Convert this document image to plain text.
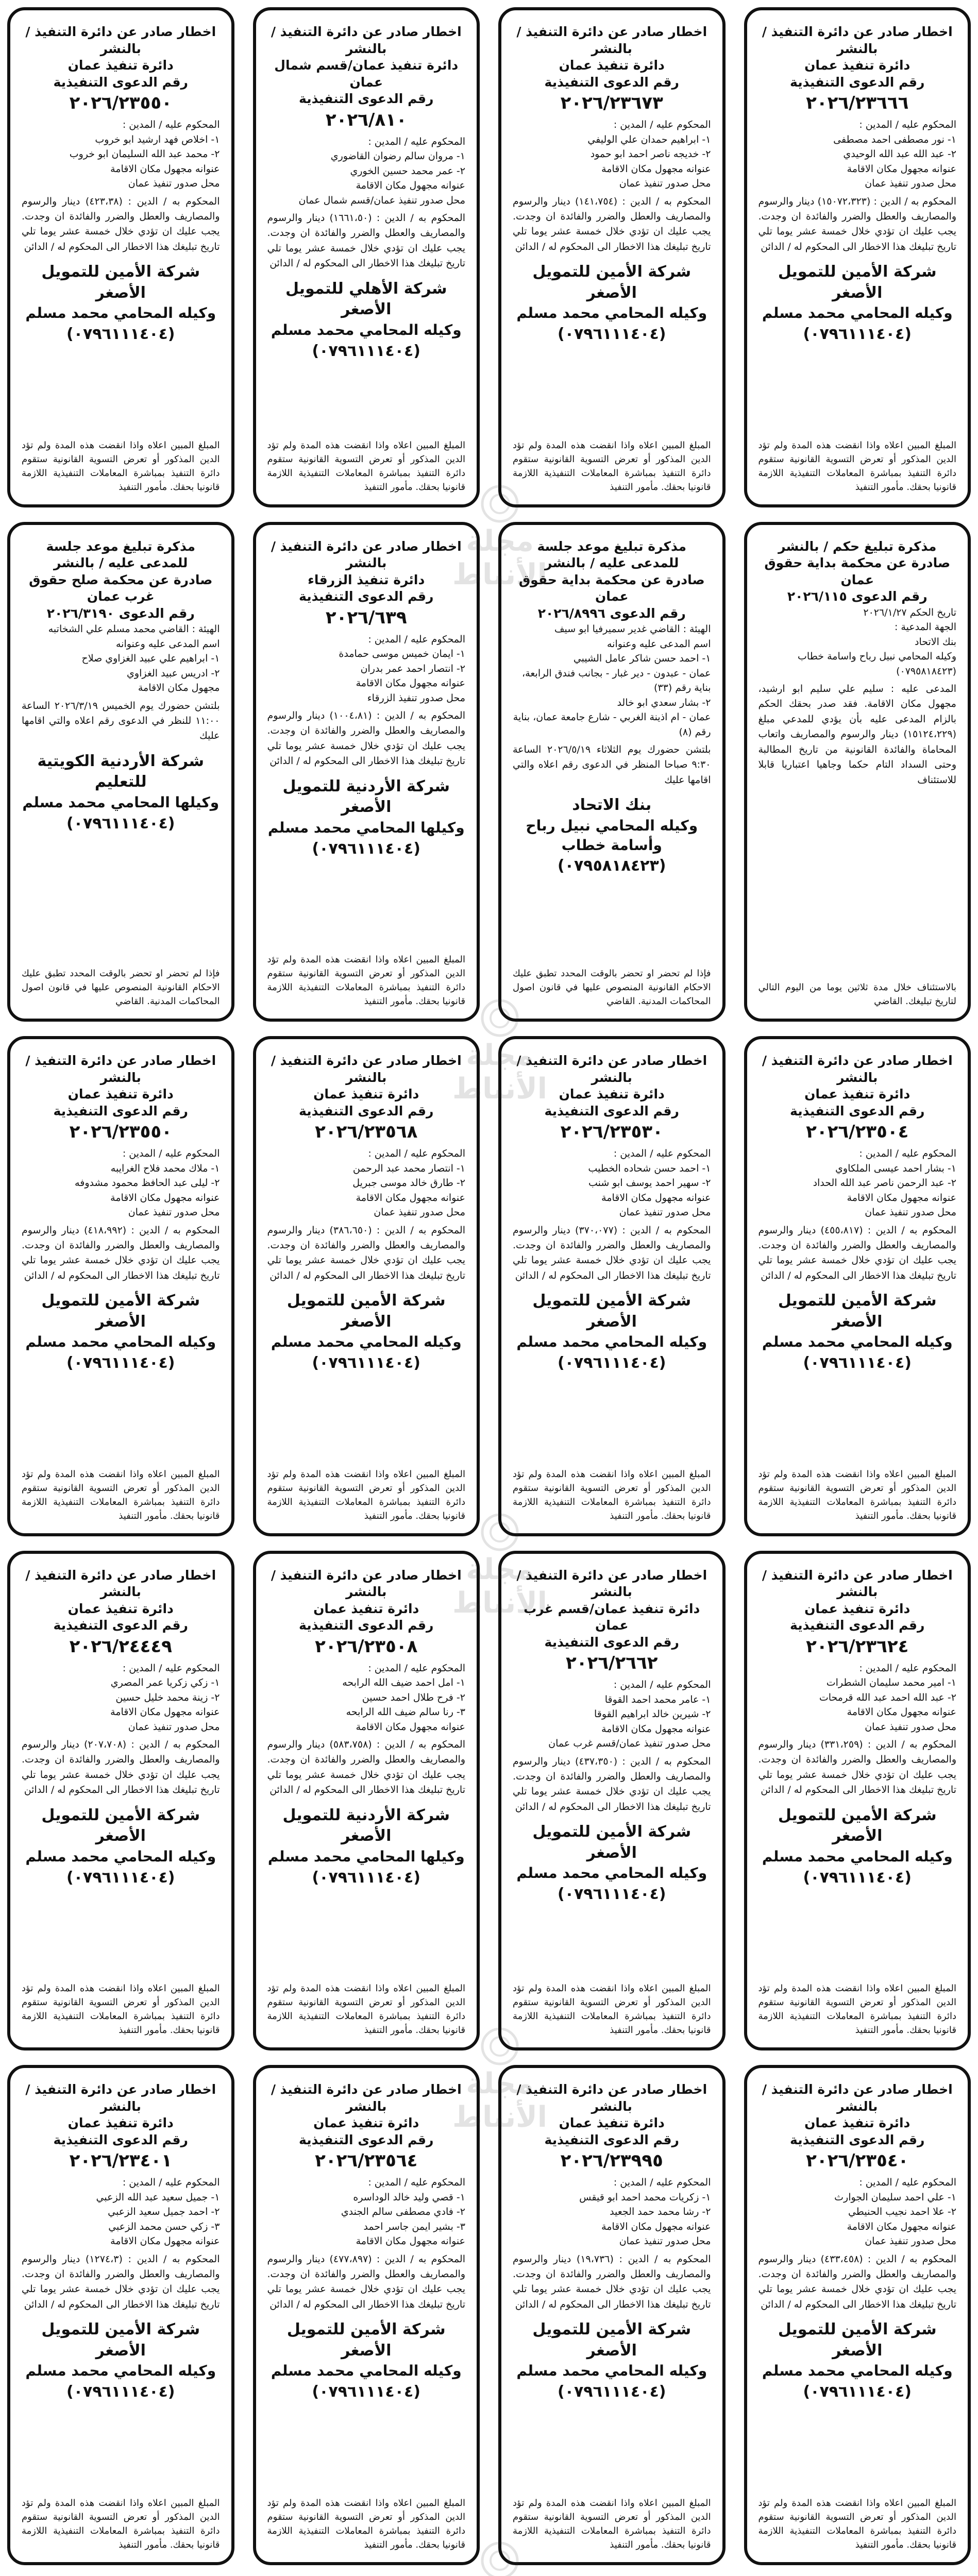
اخطار صادر عن دائرة التنفيذ / بالنشر
دائرة تنفيذ عمان
رقم الدعوى التنفيذية
٢٠٢٦/٢٣٦٦٦
المحكوم عليه / المدين :
١- نور مصطفى احمد مصطفى
٢- عبد الله عبد الله الوحيدي
عنوانه مجهول مكان الاقامة
محل صدور تنفيذ عمان
المحكوم به / الدين : (١٥٠٧٢،٣٢٣) دينار والرسوم والمصاريف والعطل والضرر والفائدة ان وجدت. يجب عليك ان تؤدي خلال خمسة عشر يوما تلي تاريخ تبليغك هذا الاخطار الى المحكوم له / الدائن
شركة الأمين للتمويل الأصغر
وكيله المحامي محمد مسلم
(٠٧٩٦١١١٤٠٤)
المبلغ المبين اعلاه واذا انقضت هذه المدة ولم تؤد الدين المذكور أو تعرض التسوية القانونية ستقوم دائرة التنفيذ بمباشرة المعاملات التنفيذية اللازمة قانونيا بحقك. مأمور التنفيذ
اخطار صادر عن دائرة التنفيذ / بالنشر
دائرة تنفيذ عمان
رقم الدعوى التنفيذية
٢٠٢٦/٢٣٦٧٣
المحكوم عليه / المدين :
١- ابراهيم حمدان علي الوليفي
٢- خديجه ناصر احمد ابو حمود
عنوانه مجهول مكان الاقامة
محل صدور تنفيذ عمان
المحكوم به / الدين : (١٤١،٧٥٤) دينار والرسوم والمصاريف والعطل والضرر والفائدة ان وجدت. يجب عليك ان تؤدي خلال خمسة عشر يوما تلي تاريخ تبليغك هذا الاخطار الى المحكوم له / الدائن
شركة الأمين للتمويل الأصغر
وكيله المحامي محمد مسلم
(٠٧٩٦١١١٤٠٤)
المبلغ المبين اعلاه واذا انقضت هذه المدة ولم تؤد الدين المذكور أو تعرض التسوية القانونية ستقوم دائرة التنفيذ بمباشرة المعاملات التنفيذية اللازمة قانونيا بحقك. مأمور التنفيذ
اخطار صادر عن دائرة التنفيذ / بالنشر
دائرة تنفيذ عمان/قسم شمال عمان
رقم الدعوى التنفيذية
٢٠٢٦/٨١٠
المحكوم عليه / المدين :
١- مروان سالم رضوان القاضوري
٢- عمر محمد حسين الخوري
عنوانه مجهول مكان الاقامة
محل صدور تنفيذ عمان/قسم شمال عمان
المحكوم به / الدين : (١٦٦١،٥٠) دينار والرسوم والمصاريف والعطل والضرر والفائدة ان وجدت. يجب عليك ان تؤدي خلال خمسة عشر يوما تلي تاريخ تبليغك هذا الاخطار الى المحكوم له / الدائن
شركة الأهلي للتمويل الأصغر
وكيله المحامي محمد مسلم
(٠٧٩٦١١١٤٠٤)
المبلغ المبين اعلاه واذا انقضت هذه المدة ولم تؤد الدين المذكور أو تعرض التسوية القانونية ستقوم دائرة التنفيذ بمباشرة المعاملات التنفيذية اللازمة قانونيا بحقك. مأمور التنفيذ
اخطار صادر عن دائرة التنفيذ / بالنشر
دائرة تنفيذ عمان
رقم الدعوى التنفيذية
٢٠٢٦/٢٣٥٥٠
المحكوم عليه / المدين :
١- اخلاص فهد ارشيد ابو خروب
٢- محمد عبد الله السليمان ابو خروب
عنوانه مجهول مكان الاقامة
محل صدور تنفيذ عمان
المحكوم به / الدين : (٤٢٣،٣٨) دينار والرسوم والمصاريف والعطل والضرر والفائدة ان وجدت. يجب عليك ان تؤدي خلال خمسة عشر يوما تلي تاريخ تبليغك هذا الاخطار الى المحكوم له / الدائن
شركة الأمين للتمويل الأصغر
وكيله المحامي محمد مسلم
(٠٧٩٦١١١٤٠٤)
المبلغ المبين اعلاه واذا انقضت هذه المدة ولم تؤد الدين المذكور أو تعرض التسوية القانونية ستقوم دائرة التنفيذ بمباشرة المعاملات التنفيذية اللازمة قانونيا بحقك. مأمور التنفيذ
مذكرة تبليغ حكم / بالنشر
صادرة عن محكمة بداية حقوق عمان
رقم الدعوى ٢٠٢٦/١١٥
تاريخ الحكم ٢٠٢٦/١/٢٧
الجهة المدعية :
بنك الاتحاد
وكيله المحامي نبيل رباح واسامة خطاب
(٠٧٩٥٨١٨٤٢٣)
المدعى عليه : سليم علي سليم ابو ارشيد، مجهول مكان الاقامة. فقد صدر بحقك الحكم بالزام المدعى عليه بأن يؤدي للمدعي مبلغ (١٥١٢٤،٢٢٩) دينار والرسوم والمصاريف واتعاب المحاماة والفائدة القانونية من تاريخ المطالبة وحتى السداد التام حكما وجاهيا اعتباريا قابلا للاستئناف
بالاستئناف خلال مدة ثلاثين يوما من اليوم التالي لتاريخ تبليغك. القاضي
مذكرة تبليغ موعد جلسة للمدعى عليه / بالنشر
صادرة عن محكمة بداية حقوق عمان
رقم الدعوى ٢٠٢٦/٨٩٩٦
الهيئة : القاضي غدير سميرفيا ابو سيف
اسم المدعى عليه وعنوانه
١- احمد حسن شاكر عامل الشيبي
عمان - عبدون - دير غبار - بجانب فندق الرابعة، بناية رقم (٣٣)
٢- بشار سعدي ابو خالد
عمان - ام اذينة الغربي - شارع جامعة عمان، بناية رقم (٨)
بلتشن حضورك يوم الثلاثاء ٢٠٢٦/٥/١٩ الساعة ٩:٣٠ صباحا المنظر في الدعوى رقم اعلاه والتي اقامها عليك
بنك الاتحاد
وكيله المحامي نبيل رباح وأسامة خطاب
(٠٧٩٥٨١٨٤٢٣)
فإذا لم تحضر او تحضر بالوقت المحدد تطبق عليك الاحكام القانونية المنصوص عليها في قانون اصول المحاكمات المدنية. القاضي
اخطار صادر عن دائرة التنفيذ / بالنشر
دائرة تنفيذ الزرقاء
رقم الدعوى التنفيذية
٢٠٢٦/٦٣٩
المحكوم عليه / المدين :
١- ايمان خميس موسى حمامدة
٢- انتصار احمد عمر بدران
عنوانه مجهول مكان الاقامة
محل صدور تنفيذ الزرقاء
المحكوم به / الدين : (١٠٠٤،٨١) دينار والرسوم والمصاريف والعطل والضرر والفائدة ان وجدت. يجب عليك ان تؤدي خلال خمسة عشر يوما تلي تاريخ تبليغك هذا الاخطار الى المحكوم له / الدائن
شركة الأردنية للتمويل الأصغر
وكيلها المحامي محمد مسلم
(٠٧٩٦١١١٤٠٤)
المبلغ المبين اعلاه واذا انقضت هذه المدة ولم تؤد الدين المذكور أو تعرض التسوية القانونية ستقوم دائرة التنفيذ بمباشرة المعاملات التنفيذية اللازمة قانونيا بحقك. مأمور التنفيذ
مذكرة تبليغ موعد جلسة للمدعى عليه / بالنشر
صادرة عن محكمة صلح حقوق غرب عمان
رقم الدعوى ٢٠٢٦/٣١٩٠
الهيئة : القاضي محمد مسلم علي الشخاتبه
اسم المدعى عليه وعنوانه
١- ابراهيم علي عبيد الغزاوي صلاح
٢- ادريس عبيد الغزاوي
مجهول مكان الاقامة
بلتشن حضورك يوم الخميس ٢٠٢٦/٣/١٩ الساعة ١١:٠٠ للنظر في الدعوى رقم اعلاه والتي اقامها عليك
شركة الأردنية الكويتية للتعليم
وكيلها المحامي محمد مسلم
(٠٧٩٦١١١٤٠٤)
فإذا لم تحضر او تحضر بالوقت المحدد تطبق عليك الاحكام القانونية المنصوص عليها في قانون اصول المحاكمات المدنية. القاضي
اخطار صادر عن دائرة التنفيذ / بالنشر
دائرة تنفيذ عمان
رقم الدعوى التنفيذية
٢٠٢٦/٢٣٥٠٤
المحكوم عليه / المدين :
١- بشار احمد عيسى الملكاوي
٢- عبد الرحمن ناصر عبد الله الحداد
عنوانه مجهول مكان الاقامة
محل صدور تنفيذ عمان
المحكوم به / الدين : (٤٥٥،٨١٧) دينار والرسوم والمصاريف والعطل والضرر والفائدة ان وجدت. يجب عليك ان تؤدي خلال خمسة عشر يوما تلي تاريخ تبليغك هذا الاخطار الى المحكوم له / الدائن
شركة الأمين للتمويل الأصغر
وكيله المحامي محمد مسلم
(٠٧٩٦١١١٤٠٤)
المبلغ المبين اعلاه واذا انقضت هذه المدة ولم تؤد الدين المذكور أو تعرض التسوية القانونية ستقوم دائرة التنفيذ بمباشرة المعاملات التنفيذية اللازمة قانونيا بحقك. مأمور التنفيذ
اخطار صادر عن دائرة التنفيذ / بالنشر
دائرة تنفيذ عمان
رقم الدعوى التنفيذية
٢٠٢٦/٢٣٥٣٠
المحكوم عليه / المدين :
١- احمد حسن شحاده الخطيب
٢- سهير احمد يوسف ابو شنب
عنوانه مجهول مكان الاقامة
محل صدور تنفيذ عمان
المحكوم به / الدين : (٣٧٠،٠٧٧) دينار والرسوم والمصاريف والعطل والضرر والفائدة ان وجدت. يجب عليك ان تؤدي خلال خمسة عشر يوما تلي تاريخ تبليغك هذا الاخطار الى المحكوم له / الدائن
شركة الأمين للتمويل الأصغر
وكيله المحامي محمد مسلم
(٠٧٩٦١١١٤٠٤)
المبلغ المبين اعلاه واذا انقضت هذه المدة ولم تؤد الدين المذكور أو تعرض التسوية القانونية ستقوم دائرة التنفيذ بمباشرة المعاملات التنفيذية اللازمة قانونيا بحقك. مأمور التنفيذ
اخطار صادر عن دائرة التنفيذ / بالنشر
دائرة تنفيذ عمان
رقم الدعوى التنفيذية
٢٠٢٦/٢٣٥٦٨
المحكوم عليه / المدين :
١- انتصار محمد عبد الرحمن
٢- طارق خالد موسى جبريل
عنوانه مجهول مكان الاقامة
محل صدور تنفيذ عمان
المحكوم به / الدين : (٣٨٦،٦٥٠) دينار والرسوم والمصاريف والعطل والضرر والفائدة ان وجدت. يجب عليك ان تؤدي خلال خمسة عشر يوما تلي تاريخ تبليغك هذا الاخطار الى المحكوم له / الدائن
شركة الأمين للتمويل الأصغر
وكيله المحامي محمد مسلم
(٠٧٩٦١١١٤٠٤)
المبلغ المبين اعلاه واذا انقضت هذه المدة ولم تؤد الدين المذكور أو تعرض التسوية القانونية ستقوم دائرة التنفيذ بمباشرة المعاملات التنفيذية اللازمة قانونيا بحقك. مأمور التنفيذ
اخطار صادر عن دائرة التنفيذ / بالنشر
دائرة تنفيذ عمان
رقم الدعوى التنفيذية
٢٠٢٦/٢٣٥٥٠
المحكوم عليه / المدين :
١- ملاك محمد فلاح الغرايبه
٢- ليلى عبد الحافظ محمود مشدوفه
عنوانه مجهول مكان الاقامة
محل صدور تنفيذ عمان
المحكوم به / الدين : (٤١٨،٩٩٢) دينار والرسوم والمصاريف والعطل والضرر والفائدة ان وجدت. يجب عليك ان تؤدي خلال خمسة عشر يوما تلي تاريخ تبليغك هذا الاخطار الى المحكوم له / الدائن
شركة الأمين للتمويل الأصغر
وكيله المحامي محمد مسلم
(٠٧٩٦١١١٤٠٤)
المبلغ المبين اعلاه واذا انقضت هذه المدة ولم تؤد الدين المذكور أو تعرض التسوية القانونية ستقوم دائرة التنفيذ بمباشرة المعاملات التنفيذية اللازمة قانونيا بحقك. مأمور التنفيذ
اخطار صادر عن دائرة التنفيذ / بالنشر
دائرة تنفيذ عمان
رقم الدعوى التنفيذية
٢٠٢٦/٢٣٦٢٤
المحكوم عليه / المدين :
١- امير محمد سليمان الشطرات
٢- عبد الله احمد عبد الله قرمحات
عنوانه مجهول مكان الاقامة
محل صدور تنفيذ عمان
المحكوم به / الدين : (٣٣١،٢٥٩) دينار والرسوم والمصاريف والعطل والضرر والفائدة ان وجدت. يجب عليك ان تؤدي خلال خمسة عشر يوما تلي تاريخ تبليغك هذا الاخطار الى المحكوم له / الدائن
شركة الأمين للتمويل الأصغر
وكيله المحامي محمد مسلم
(٠٧٩٦١١١٤٠٤)
المبلغ المبين اعلاه واذا انقضت هذه المدة ولم تؤد الدين المذكور أو تعرض التسوية القانونية ستقوم دائرة التنفيذ بمباشرة المعاملات التنفيذية اللازمة قانونيا بحقك. مأمور التنفيذ
اخطار صادر عن دائرة التنفيذ / بالنشر
دائرة تنفيذ عمان/قسم غرب عمان
رقم الدعوى التنفيذية
٢٠٢٦/٢٦٦٢
المحكوم عليه / المدين :
١- عامر محمد احمد القوقا
٢- شيرين خالد ابراهيم القوقا
عنوانه مجهول مكان الاقامة
محل صدور تنفيذ عمان/قسم غرب عمان
المحكوم به / الدين : (٤٣٧،٣٥٠) دينار والرسوم والمصاريف والعطل والضرر والفائدة ان وجدت. يجب عليك ان تؤدي خلال خمسة عشر يوما تلي تاريخ تبليغك هذا الاخطار الى المحكوم له / الدائن
شركة الأمين للتمويل الأصغر
وكيله المحامي محمد مسلم
(٠٧٩٦١١١٤٠٤)
المبلغ المبين اعلاه واذا انقضت هذه المدة ولم تؤد الدين المذكور أو تعرض التسوية القانونية ستقوم دائرة التنفيذ بمباشرة المعاملات التنفيذية اللازمة قانونيا بحقك. مأمور التنفيذ
اخطار صادر عن دائرة التنفيذ / بالنشر
دائرة تنفيذ عمان
رقم الدعوى التنفيذية
٢٠٢٦/٢٣٥٠٨
المحكوم عليه / المدين :
١- امل احمد ضيف الله الرابحه
٢- فرح طلال احمد حسين
٣- رنا سالم ضيف الله الرابحه
عنوانه مجهول مكان الاقامة
المحكوم به / الدين : (٥٨٣،٧٥٨) دينار والرسوم والمصاريف والعطل والضرر والفائدة ان وجدت. يجب عليك ان تؤدي خلال خمسة عشر يوما تلي تاريخ تبليغك هذا الاخطار الى المحكوم له / الدائن
شركة الأردنية للتمويل الأصغر
وكيلها المحامي محمد مسلم
(٠٧٩٦١١١٤٠٤)
المبلغ المبين اعلاه واذا انقضت هذه المدة ولم تؤد الدين المذكور أو تعرض التسوية القانونية ستقوم دائرة التنفيذ بمباشرة المعاملات التنفيذية اللازمة قانونيا بحقك. مأمور التنفيذ
اخطار صادر عن دائرة التنفيذ / بالنشر
دائرة تنفيذ عمان
رقم الدعوى التنفيذية
٢٠٢٦/٢٤٤٤٩
المحكوم عليه / المدين :
١- زكي زكريا عمر المصري
٢- زينة محمد خليل حسين
عنوانه مجهول مكان الاقامة
محل صدور تنفيذ عمان
المحكوم به / الدين : (٢٠٧،٧٠٨) دينار والرسوم والمصاريف والعطل والضرر والفائدة ان وجدت. يجب عليك ان تؤدي خلال خمسة عشر يوما تلي تاريخ تبليغك هذا الاخطار الى المحكوم له / الدائن
شركة الأمين للتمويل الأصغر
وكيله المحامي محمد مسلم
(٠٧٩٦١١١٤٠٤)
المبلغ المبين اعلاه واذا انقضت هذه المدة ولم تؤد الدين المذكور أو تعرض التسوية القانونية ستقوم دائرة التنفيذ بمباشرة المعاملات التنفيذية اللازمة قانونيا بحقك. مأمور التنفيذ
اخطار صادر عن دائرة التنفيذ / بالنشر
دائرة تنفيذ عمان
رقم الدعوى التنفيذية
٢٠٢٦/٢٣٥٤٠
المحكوم عليه / المدين :
١- علي احمد سليمان الجوارث
٢- علا احمد نجيب الحنيطي
عنوانه مجهول مكان الاقامة
محل صدور تنفيذ عمان
المحكوم به / الدين : (٤٣٣،٤٥٨) دينار والرسوم والمصاريف والعطل والضرر والفائدة ان وجدت. يجب عليك ان تؤدي خلال خمسة عشر يوما تلي تاريخ تبليغك هذا الاخطار الى المحكوم له / الدائن
شركة الأمين للتمويل الأصغر
وكيله المحامي محمد مسلم
(٠٧٩٦١١١٤٠٤)
المبلغ المبين اعلاه واذا انقضت هذه المدة ولم تؤد الدين المذكور أو تعرض التسوية القانونية ستقوم دائرة التنفيذ بمباشرة المعاملات التنفيذية اللازمة قانونيا بحقك. مأمور التنفيذ
اخطار صادر عن دائرة التنفيذ / بالنشر
دائرة تنفيذ عمان
رقم الدعوى التنفيذية
٢٠٢٦/٢٣٩٩٥
المحكوم عليه / المدين :
١- زكريات محمد احمد ابو قيقس
٢- رشا محمد حمد الجعيد
عنوانه مجهول مكان الاقامة
محل صدور تنفيذ عمان
المحكوم به / الدين : (١٩،٧٣٦) دينار والرسوم والمصاريف والعطل والضرر والفائدة ان وجدت. يجب عليك ان تؤدي خلال خمسة عشر يوما تلي تاريخ تبليغك هذا الاخطار الى المحكوم له / الدائن
شركة الأمين للتمويل الأصغر
وكيله المحامي محمد مسلم
(٠٧٩٦١١١٤٠٤)
المبلغ المبين اعلاه واذا انقضت هذه المدة ولم تؤد الدين المذكور أو تعرض التسوية القانونية ستقوم دائرة التنفيذ بمباشرة المعاملات التنفيذية اللازمة قانونيا بحقك. مأمور التنفيذ
اخطار صادر عن دائرة التنفيذ / بالنشر
دائرة تنفيذ عمان
رقم الدعوى التنفيذية
٢٠٢٦/٢٣٥٦٤
المحكوم عليه / المدين :
١- قصي وليد خالد الوداسره
٢- فادي مصطفى سالم الجندي
٣- بشير ايمن جاسر احمد
عنوانه مجهول مكان الاقامة
المحكوم به / الدين : (٤٧٧،٨٩٧) دينار والرسوم والمصاريف والعطل والضرر والفائدة ان وجدت. يجب عليك ان تؤدي خلال خمسة عشر يوما تلي تاريخ تبليغك هذا الاخطار الى المحكوم له / الدائن
شركة الأمين للتمويل الأصغر
وكيله المحامي محمد مسلم
(٠٧٩٦١١١٤٠٤)
المبلغ المبين اعلاه واذا انقضت هذه المدة ولم تؤد الدين المذكور أو تعرض التسوية القانونية ستقوم دائرة التنفيذ بمباشرة المعاملات التنفيذية اللازمة قانونيا بحقك. مأمور التنفيذ
اخطار صادر عن دائرة التنفيذ / بالنشر
دائرة تنفيذ عمان
رقم الدعوى التنفيذية
٢٠٢٦/٢٣٤٠١
المحكوم عليه / المدين :
١- جميل سعيد عبد الله الزعبي
٢- احمد جميل سعيد الزعبي
٣- زكي حسن محمد الزعبي
عنوانه مجهول مكان الاقامة
المحكوم به / الدين : (١٢٧٤،٣) دينار والرسوم والمصاريف والعطل والضرر والفائدة ان وجدت. يجب عليك ان تؤدي خلال خمسة عشر يوما تلي تاريخ تبليغك هذا الاخطار الى المحكوم له / الدائن
شركة الأمين للتمويل الأصغر
وكيله المحامي محمد مسلم
(٠٧٩٦١١١٤٠٤)
المبلغ المبين اعلاه واذا انقضت هذه المدة ولم تؤد الدين المذكور أو تعرض التسوية القانونية ستقوم دائرة التنفيذ بمباشرة المعاملات التنفيذية اللازمة قانونيا بحقك. مأمور التنفيذ
